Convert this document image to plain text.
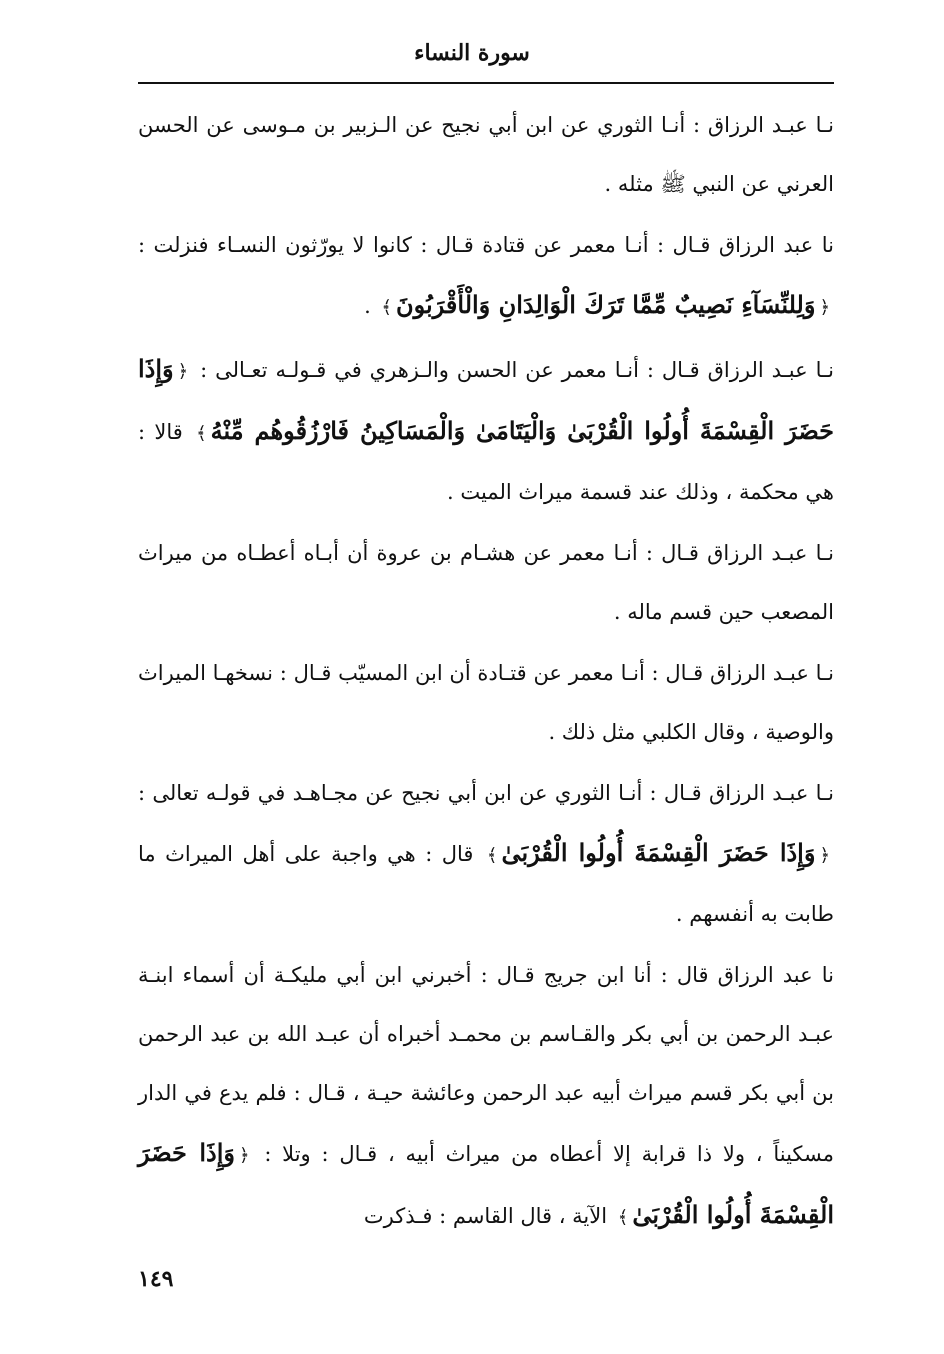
سورة النساء

نـا عبـد الرزاق : أنـا الثوري عن ابن أبي نجيح عن الـزبير بن مـوسى عن الحسن العرني عن النبي ﷺ مثله .

نا عبد الرزاق قـال : أنـا معمر عن قتادة قـال : كانوا لا يورّثون النسـاء فنزلت : ﴿وَلِلنِّسَآءِ نَصِيبٌ مِّمَّا تَرَكَ الْوَالِدَانِ وَالْأَقْرَبُونَ﴾ .

نـا عبـد الرزاق قـال : أنـا معمر عن الحسن والـزهري في قـولـه تعـالى : ﴿وَإِذَا حَضَرَ الْقِسْمَةَ أُولُوا الْقُرْبَىٰ وَالْيَتَامَىٰ وَالْمَسَاكِينُ فَارْزُقُوهُم مِّنْهُ﴾ قالا : هي محكمة ، وذلك عند قسمة ميراث الميت .

نـا عبـد الرزاق قـال : أنـا معمر عن هشـام بن عروة أن أبـاه أعطـاه من ميراث المصعب حين قسم ماله .

نـا عبـد الرزاق قـال : أنـا معمر عن قتـادة أن ابن المسيّب قـال : نسخهـا الميراث والوصية ، وقال الكلبي مثل ذلك .

نـا عبـد الرزاق قـال : أنـا الثوري عن ابن أبي نجيح عن مجـاهـد في قولـه تعالى : ﴿وَإِذَا حَضَرَ الْقِسْمَةَ أُولُوا الْقُرْبَىٰ﴾ قال : هي واجبة على أهل الميراث ما طابت به أنفسهم .

نا عبد الرزاق قال : أنا ابن جريج قـال : أخبرني ابن أبي مليكـة أن أسماء ابنـة عبـد الرحمن بن أبي بكر والقـاسم بن محمـد أخبراه أن عبـد الله بن عبد الرحمن بن أبي بكر قسم ميراث أبيه عبد الرحمن وعائشة حيـة ، قـال : فلم يدع في الدار مسكيناً ، ولا ذا قرابة إلا أعطاه من ميراث أبيه ، قـال : وتلا : ﴿وَإِذَا حَضَرَ الْقِسْمَةَ أُولُوا الْقُرْبَىٰ﴾ الآية ، قال القاسم : فـذكرت

١٤٩
